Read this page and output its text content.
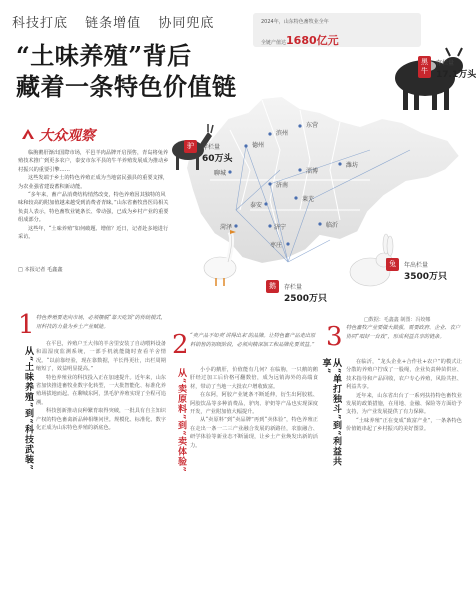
科技打底 链条增值 协同兜底
“土味养殖”背后
藏着一条特色价值链
德州
滨州
东营
聊城
济南
淄博
潍坊
泰安
莱芜
菏泽	济宁
枣庄
临沂
黑牛
存栏量
17.1万头
驴	存栏量
60万头
兔	年出栏量
3500万只
鹅	存栏量
2500万只
2024年，山东特色畜牧业全年
全链产值达1680亿元
□数据：毛鑫鑫 制图：冯姣娜
大众观察

临朐鹅肝渐出国際市场，平邑羊肉品牌开启预售，青岛将兔养殖技术推广到更多农户，泰安市东平县的牛羊养殖发展成为推动乡村振兴的重要引擎……

这些发端于乡土的特色养殖正成为当地富民强县的重要支撑，为农业强省建设蓄积新动能。

“多年来，畜产品消费结构悄然改变，特色养殖因其独特的风味和较高的附加值越来越受到消费者青睐。”山东省畜牧兽医局相关负责人表示，特色畜牧业链条长、带动强，已成为乡村产业的重要组成部分。

这些年，“土味养殖”如何破题、增值？近日，记者赴多地进行采访。

□ 本报记者 毛鑫鑫
1 特色养殖要走向市场，必须摆脱“靠天吃饭”的传统模式，用科技的力量为乡土产业赋能。
从“土味养殖”到“科技武装”

在平邑，养殖户王大伟的羊舍里安装了自动喂料设备和温湿度监测系统，一部手机就能随时查看羊舍情况。“以前靠经验，现在靠数据，羊长得更壮，出栏周期缩短了，效益明显提高。”

特色养殖业的科技投入正在加速提升。近年来，山东省加快推进畜牧业数字化转型，一大批智能化、标准化养殖场拔地而起。在聊城东阿，黑毛驴养殖实现了全程可追溯。

科技创新推动良种繁育取得突破，一批具有自主知识产权的特色畜禽新品种相继问世。规模化、标准化、数字化正成为山东特色养殖的新底色。

2 “卖产品不如卖‘讲得出来’的品牌。让特色畜产品走出原料销售的初级阶段，必须向精深加工和品牌化要效益。”
从“卖原料”到“卖体验”	小小的鹅肝，价值能有几何？在临朐，一只鹅的鹅肝经过加工后价格可翻数倍，成为远销海外的高端食材，带动了当地一大批农户增收致富。

在东阿，阿胶产业链条不断延伸，衍生出阿胶糕、阿胶饮品等多种消费品，驴肉、驴奶等产品也实现深度开发，产业附加值大幅提升。

从“卖原料”到“卖品牌”再到“卖体验”，特色养殖正在走出一条一二三产业融合发展的新路径，农旅融合、研学体验等新业态不断涌现，让乡土产业焕发出新的活力。

3 特色畜牧产业要做大做强，需要政府、企业、农户协同“唱好一台戏”，形成利益共享的链条。
从“单打独斗”到“利益共享”	在临沂，“龙头企业+合作社+农户”的模式让分散的养殖户拧成了一股绳，企业负责种苗供应、技术指导和产品回收，农户专心养殖，风险共担、利益共享。

近年来，山东省出台了一系列扶持特色畜牧业发展的政策措施，在用地、金融、保险等方面给予支持，为产业发展提供了有力保障。

“土味养殖”正在变成“致富产业”，一条条特色价值链串起了乡村振兴的美好图景。
